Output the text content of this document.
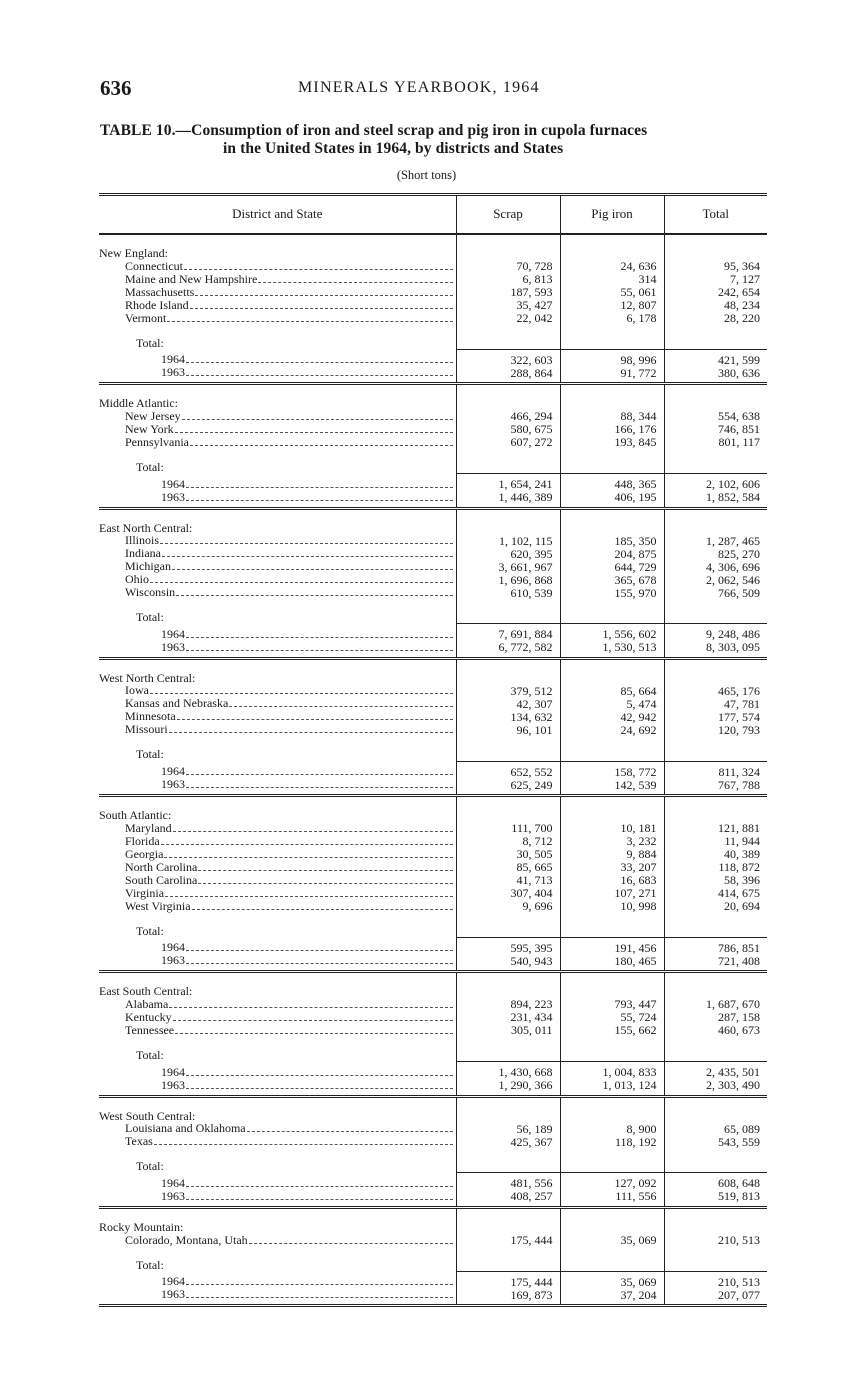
636	MINERALS YEARBOOK, 1964
TABLE 10.—Consumption of iron and steel scrap and pig iron in cupola furnaces
in the United States in 1964, by districts and States
(Short tons)
District and State	Scrap	Pig iron	Total
New England:			

Connecticut	70, 728	24, 636	95, 364

Maine and New Hampshire	6, 813	314	7, 127

Massachusetts	187, 593	55, 061	242, 654

Rhode Island	35, 427	12, 807	48, 234

Vermont	22, 042	6, 178	28, 220
Total:			

1964	322, 603	98, 996	421, 599

1963	288, 864	91, 772	380, 636
Middle Atlantic:			

New Jersey	466, 294	88, 344	554, 638

New York	580, 675	166, 176	746, 851

Pennsylvania	607, 272	193, 845	801, 117
Total:			

1964	1, 654, 241	448, 365	2, 102, 606

1963	1, 446, 389	406, 195	1, 852, 584
East North Central:			

Illinois	1, 102, 115	185, 350	1, 287, 465

Indiana	620, 395	204, 875	825, 270

Michigan	3, 661, 967	644, 729	4, 306, 696

Ohio	1, 696, 868	365, 678	2, 062, 546

Wisconsin	610, 539	155, 970	766, 509
Total:			

1964	7, 691, 884	1, 556, 602	9, 248, 486

1963	6, 772, 582	1, 530, 513	8, 303, 095
West North Central:			

Iowa	379, 512	85, 664	465, 176

Kansas and Nebraska	42, 307	5, 474	47, 781

Minnesota	134, 632	42, 942	177, 574

Missouri	96, 101	24, 692	120, 793
Total:			

1964	652, 552	158, 772	811, 324

1963	625, 249	142, 539	767, 788
South Atlantic:			

Maryland	111, 700	10, 181	121, 881

Florida	8, 712	3, 232	11, 944

Georgia	30, 505	9, 884	40, 389

North Carolina	85, 665	33, 207	118, 872

South Carolina	41, 713	16, 683	58, 396

Virginia	307, 404	107, 271	414, 675

West Virginia	9, 696	10, 998	20, 694
Total:			

1964	595, 395	191, 456	786, 851

1963	540, 943	180, 465	721, 408
East South Central:			

Alabama	894, 223	793, 447	1, 687, 670

Kentucky	231, 434	55, 724	287, 158

Tennessee	305, 011	155, 662	460, 673
Total:			

1964	1, 430, 668	1, 004, 833	2, 435, 501

1963	1, 290, 366	1, 013, 124	2, 303, 490
West South Central:			

Louisiana and Oklahoma	56, 189	8, 900	65, 089

Texas	425, 367	118, 192	543, 559
Total:			

1964	481, 556	127, 092	608, 648

1963	408, 257	111, 556	519, 813
Rocky Mountain:			

Colorado, Montana, Utah	175, 444	35, 069	210, 513
Total:			

1964	175, 444	35, 069	210, 513

1963	169, 873	37, 204	207, 077
